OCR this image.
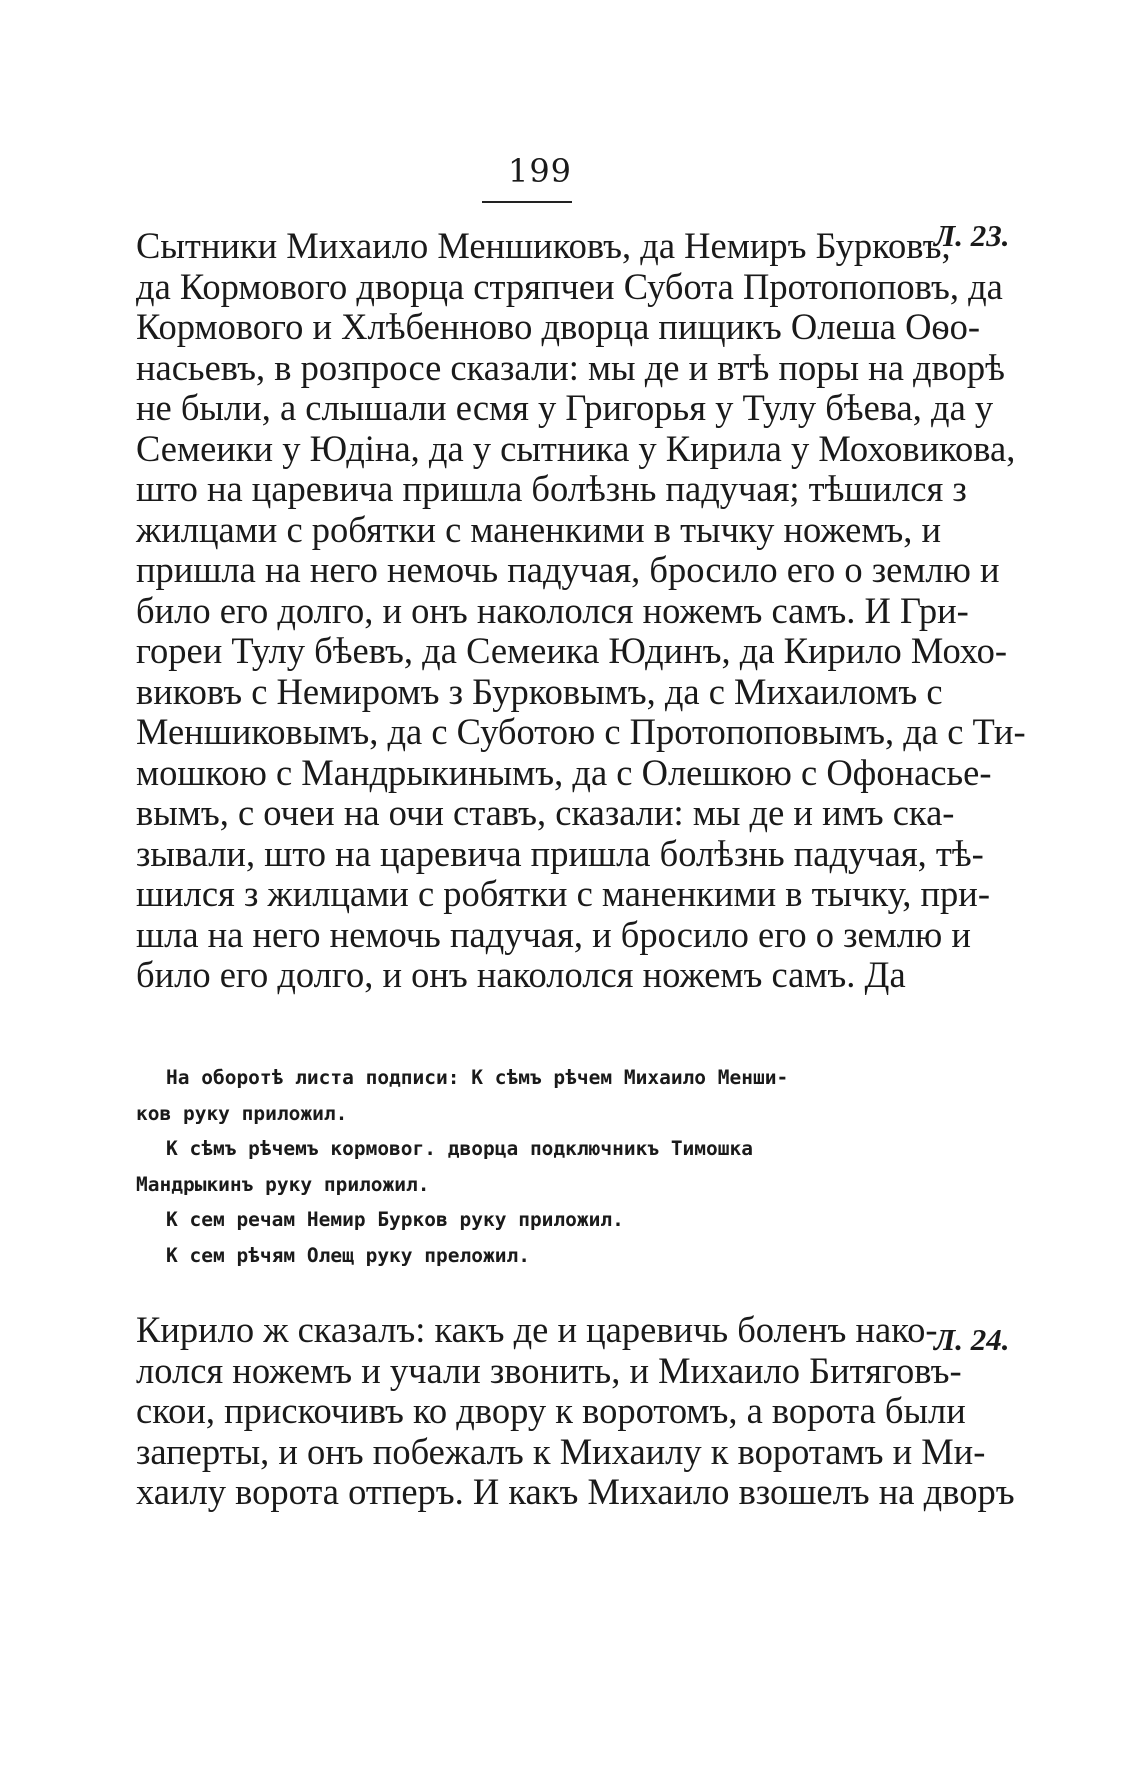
199
Л. 23.
Л. 24.
Сытники Михаило Меншиковъ, да Немиръ Бурковъ,
да Кормового дворца стряпчеи Субота Протопоповъ, да
Кормового и Хлѣбенново дворца пищикъ Олеша Оѳо-
насьевъ, в розпросе сказали: мы де и втѣ поры на дворѣ
не были, а слышали есмя у Григорья у Тулу бѣева, да у
Семеики у Юдiна, да у сытника у Кирила у Моховикова,
што на царевича пришла болѣзнь падучая; тѣшился з
жилцами с робятки с маненкими в тычку ножемъ, и
пришла на него немочь падучая, бросило его о землю и
било его долго, и онъ накололся ножемъ самъ. И Гри-
гореи Тулу бѣевъ, да Семеика Юдинъ, да Кирило Мохо-
виковъ с Немиромъ з Бурковымъ, да с Михаиломъ с
Меншиковымъ, да с Суботою с Протопоповымъ, да с Ти-
мошкою с Мандрыкинымъ, да с Олешкою с Офонасье-
вымъ, с очеи на очи ставъ, сказали: мы де и имъ ска-
зывали, што на царевича пришла болѣзнь падучая, тѣ-
шился з жилцами с робятки с маненкими в тычку, при-
шла на него немочь падучая, и бросило его о землю и
било его долго, и онъ накололся ножемъ самъ. Да
На оборотѣ листа подписи: К сѣмъ рѣчем Михаило Менши-
ков руку приложил.
К сѣмъ рѣчемъ кормовог. дворца подключникъ Тимошка
Мандрыкинъ руку приложил.
К сем речам Немир Бурков руку приложил.
К сем рѣчям Олещ руку преложил.
Кирило ж сказалъ: какъ де и царевичь боленъ нако-
лолся ножемъ и учали звонить, и Михаило Битяговъ-
скои, прискочивъ ко двору к воротомъ, а ворота были
заперты, и онъ побежалъ к Михаилу к воротамъ и Ми-
хаилу ворота отперъ. И какъ Михаило взошелъ на дворъ
